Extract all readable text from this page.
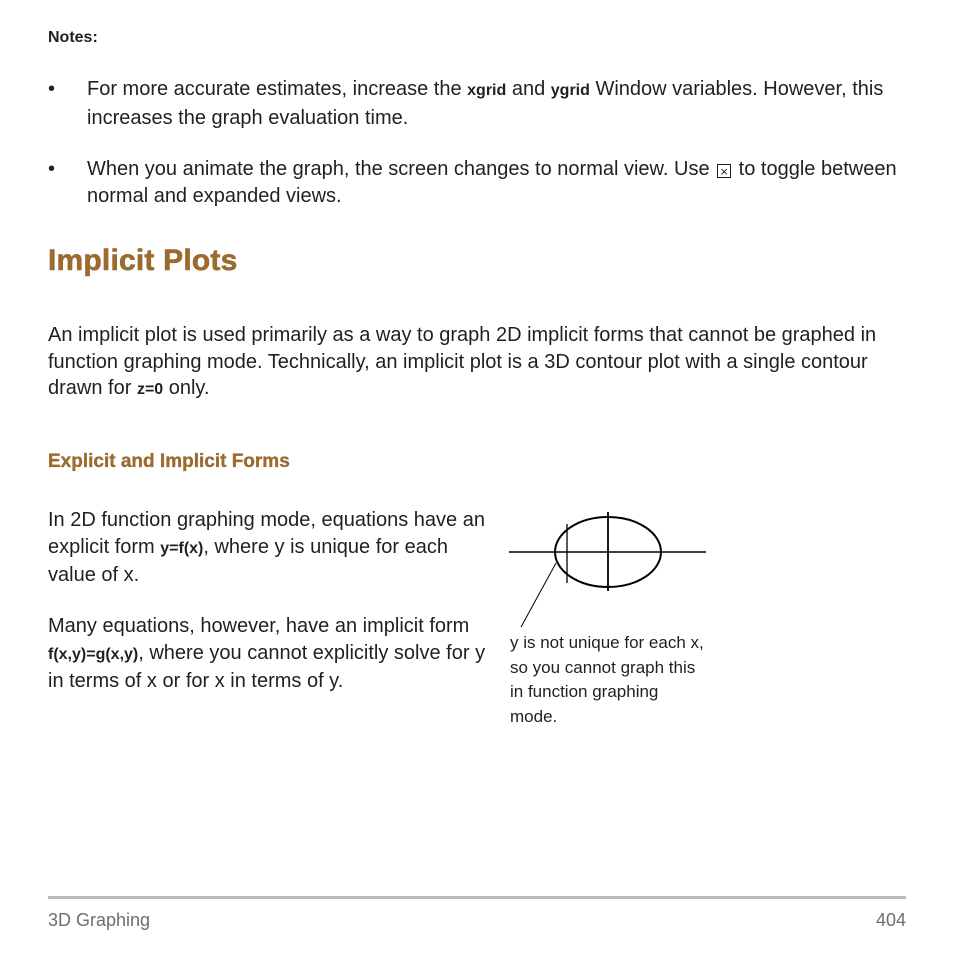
Notes:
• For more accurate estimates, increase the xgrid and ygrid Window variables. However, this increases the graph evaluation time.
• When you animate the graph, the screen changes to normal view. Use × to toggle between normal and expanded views.
Implicit Plots
An implicit plot is used primarily as a way to graph 2D implicit forms that cannot be graphed in function graphing mode. Technically, an implicit plot is a 3D contour plot with a single contour drawn for z=0 only.
Explicit and Implicit Forms
In 2D function graphing mode, equations have an explicit form y=f(x), where y is unique for each value of x.
Many equations, however, have an implicit form f(x,y)=g(x,y), where you cannot explicitly solve for y in terms of x or for x in terms of y.
y is not unique for each x, so you cannot graph this in function graphing mode.
3D Graphing	404
